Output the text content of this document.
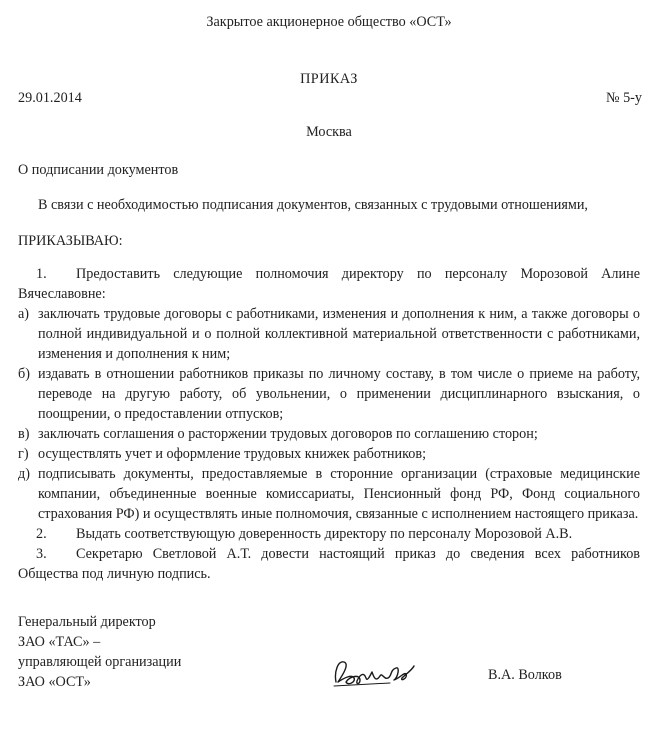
Закрытое акционерное общество «ОСТ»
ПРИКАЗ
29.01.2014	№ 5-у
Москва
О подписании документов
В связи с необходимостью подписания документов, связанных с трудовыми отношениями,
ПРИКАЗЫВАЮ:

1. Предоставить следующие полномочия директору по персоналу Морозовой Алине Вячеславовне:

а) заключать трудовые договоры с работниками, изменения и дополнения к ним, а также договоры о полной индивидуальной и о полной коллективной материальной ответственности с работниками, изменения и дополнения к ним;

б) издавать в отношении работников приказы по личному составу, в том числе о приеме на работу, переводе на другую работу, об увольнении, о применении дисциплинарного взыскания, о поощрении, о предоставлении отпусков;

в) заключать соглашения о расторжении трудовых договоров по соглашению сторон;

г) осуществлять учет и оформление трудовых книжек работников;

д) подписывать документы, предоставляемые в сторонние организации (страховые медицинские компании, объединенные военные комиссариаты, Пенсионный фонд РФ, Фонд социального страхования РФ) и осуществлять иные полномочия, связанные с исполнением настоящего приказа.

2. Выдать соответствующую доверенность директору по персоналу Морозовой А.В.

3. Секретарю Светловой А.Т. довести настоящий приказ до сведения всех работников Общества под личную подпись.

Генеральный директор
ЗАО «ТАС» –
управляющей организации
ЗАО «ОСТ»	В.А. Волков
